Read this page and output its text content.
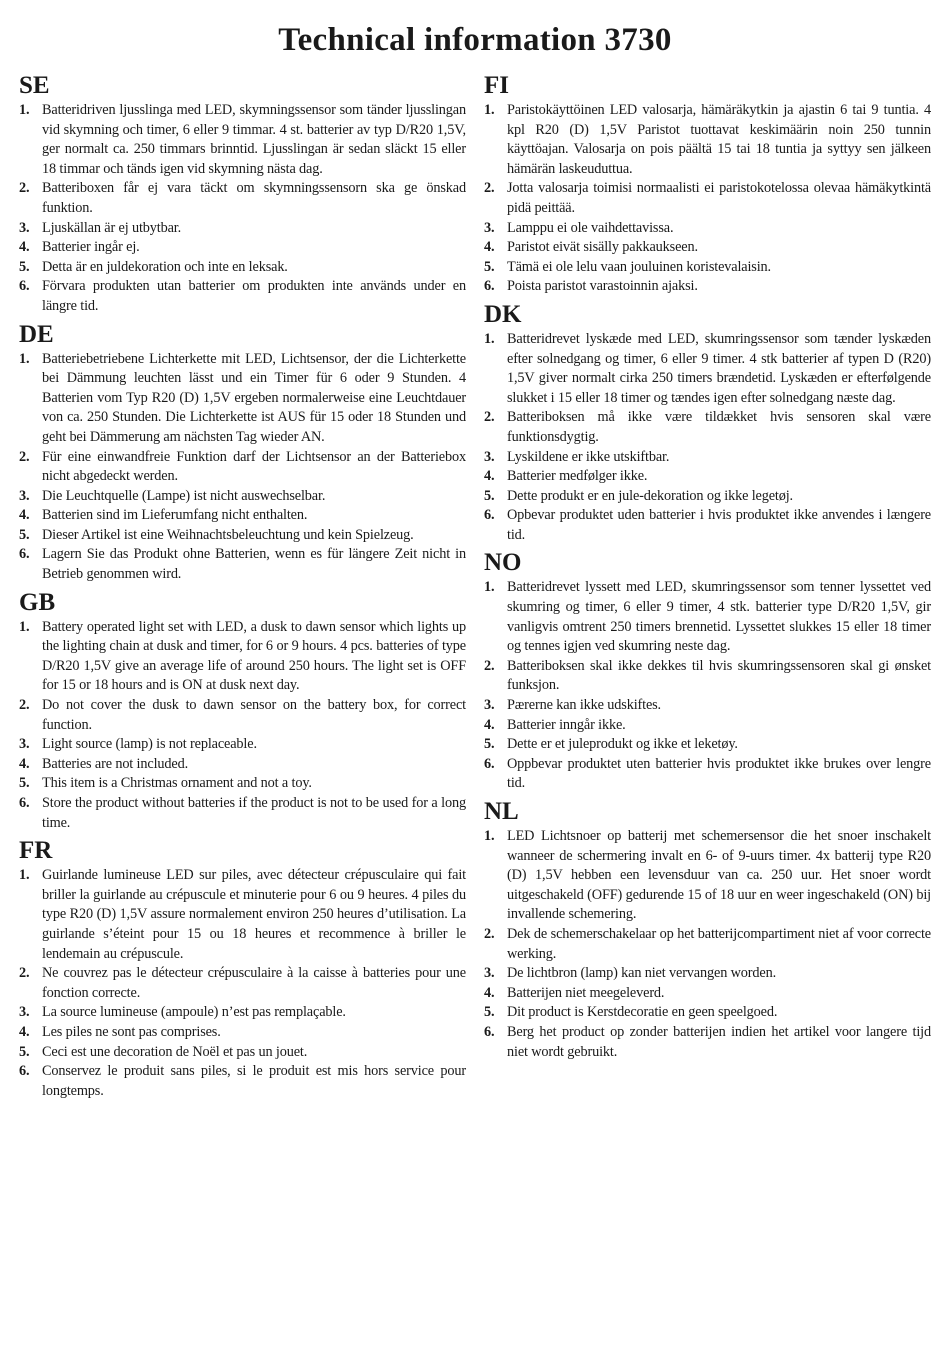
Technical information 3730
SE
1. Batteridriven ljusslinga med LED, skymningssensor som tänder ljusslingan vid skymning och timer, 6 eller 9 timmar. 4 st. batterier av typ D/R20 1,5V, ger normalt ca. 250 timmars brinntid. Ljusslingan är sedan släckt 15 eller 18 timmar och tänds igen vid skymning nästa dag.
2. Batteriboxen får ej vara täckt om skymningssensorn ska ge önskad funktion.
3. Ljuskällan är ej utbytbar.
4. Batterier ingår ej.
5. Detta är en juldekoration och inte en leksak.
6. Förvara produkten utan batterier om produkten inte används under en längre tid.
DE
1. Batteriebetriebene Lichterkette mit LED, Lichtsensor, der die Lichterkette bei Dämmung leuchten lässt und ein Timer für 6 oder 9 Stunden. 4 Batterien vom Typ R20 (D) 1,5V ergeben normalerweise eine Leuchtdauer von ca. 250 Stunden. Die Lichterkette ist AUS für 15 oder 18 Stunden und geht bei Dämmerung am nächsten Tag wieder AN.
2. Für eine einwandfreie Funktion darf der Lichtsensor an der Batteriebox nicht abgedeckt werden.
3. Die Leuchtquelle (Lampe) ist nicht auswechselbar.
4. Batterien sind im Lieferumfang nicht enthalten.
5. Dieser Artikel ist eine Weihnachtsbeleuchtung und kein Spielzeug.
6. Lagern Sie das Produkt ohne Batterien, wenn es für längere Zeit nicht in Betrieb genommen wird.
GB
1. Battery operated light set with LED, a dusk to dawn sensor which lights up the lighting chain at dusk and timer, for 6 or 9 hours. 4 pcs. batteries of type D/R20 1,5V give an average life of around 250 hours. The light set is OFF for 15 or 18 hours and is ON at dusk next day.
2. Do not cover the dusk to dawn sensor on the battery box, for correct function.
3. Light source (lamp) is not replaceable.
4. Batteries are not included.
5. This item is a Christmas ornament and not a toy.
6. Store the product without batteries if the product is not to be used for a long time.
FR
1. Guirlande lumineuse LED sur piles, avec détecteur crépusculaire qui fait briller la guirlande au crépuscule et minuterie pour 6 ou 9 heures. 4 piles du type R20 (D) 1,5V assure normalement environ 250 heures d’utilisation. La guirlande s’éteint pour 15 ou 18 heures et recommence à briller le lendemain au crépuscule.
2. Ne couvrez pas le détecteur crépusculaire à la caisse à batteries pour une fonction correcte.
3. La source lumineuse (ampoule) n’est pas remplaçable.
4. Les piles ne sont pas comprises.
5. Ceci est une decoration de Noël et pas un jouet.
6. Conservez le produit sans piles, si le produit est mis hors service pour longtemps.
FI
1. Paristokäyttöinen LED valosarja, hämäräkytkin ja ajastin 6 tai 9 tuntia. 4 kpl R20 (D) 1,5V Paristot tuottavat keskimäärin noin 250 tunnin käyttöajan. Valosarja on pois päältä 15 tai 18 tuntia ja syttyy sen jälkeen hämärän laskeuduttua.
2. Jotta valosarja toimisi normaalisti ei paristokotelossa olevaa hämäkytkintä pidä peittää.
3. Lamppu ei ole vaihdettavissa.
4. Paristot eivät sisälly pakkaukseen.
5. Tämä ei ole lelu vaan jouluinen koristevalaisin.
6. Poista paristot varastoinnin ajaksi.
DK
1. Batteridrevet lyskæde med LED, skumringssensor som tænder lyskæden efter solnedgang og timer, 6 eller 9 timer. 4 stk batterier af typen D (R20) 1,5V giver normalt cirka 250 timers brændetid. Lyskæden er efterfølgende slukket i 15 eller 18 timer og tændes igen efter solnedgang næste dag.
2. Batteriboksen må ikke være tildækket hvis sensoren skal være funktionsdygtig.
3. Lyskildene er ikke utskiftbar.
4. Batterier medfølger ikke.
5. Dette produkt er en jule-dekoration og ikke legetøj.
6. Opbevar produktet uden batterier i hvis produktet ikke anvendes i længere tid.
NO
1. Batteridrevet lyssett med LED, skumringssensor som tenner lyssettet ved skumring og timer, 6 eller 9 timer, 4 stk. batterier type D/R20 1,5V, gir vanligvis omtrent 250 timers brennetid. Lyssettet slukkes 15 eller 18 timer og tennes igjen ved skumring neste dag.
2. Batteriboksen skal ikke dekkes til hvis skumringssensoren skal gi ønsket funksjon.
3. Pærerne kan ikke udskiftes.
4. Batterier inngår ikke.
5. Dette er et juleprodukt og ikke et leketøy.
6. Oppbevar produktet uten batterier hvis produktet ikke brukes over lengre tid.
NL
1. LED Lichtsnoer op batterij met schemersensor die het snoer inschakelt wanneer de schermering invalt en 6- of 9-uurs timer. 4x batterij type R20 (D) 1,5V hebben een levensduur van ca. 250 uur. Het snoer wordt uitgeschakeld (OFF) gedurende 15 of 18 uur en weer ingeschakeld (ON) bij invallende schemering.
2. Dek de schemerschakelaar op het batterijcompartiment niet af voor correcte werking.
3. De lichtbron (lamp) kan niet vervangen worden.
4. Batterijen niet meegeleverd.
5. Dit product is Kerstdecoratie en geen speelgoed.
6. Berg het product op zonder batterijen indien het artikel voor langere tijd niet wordt gebruikt.
